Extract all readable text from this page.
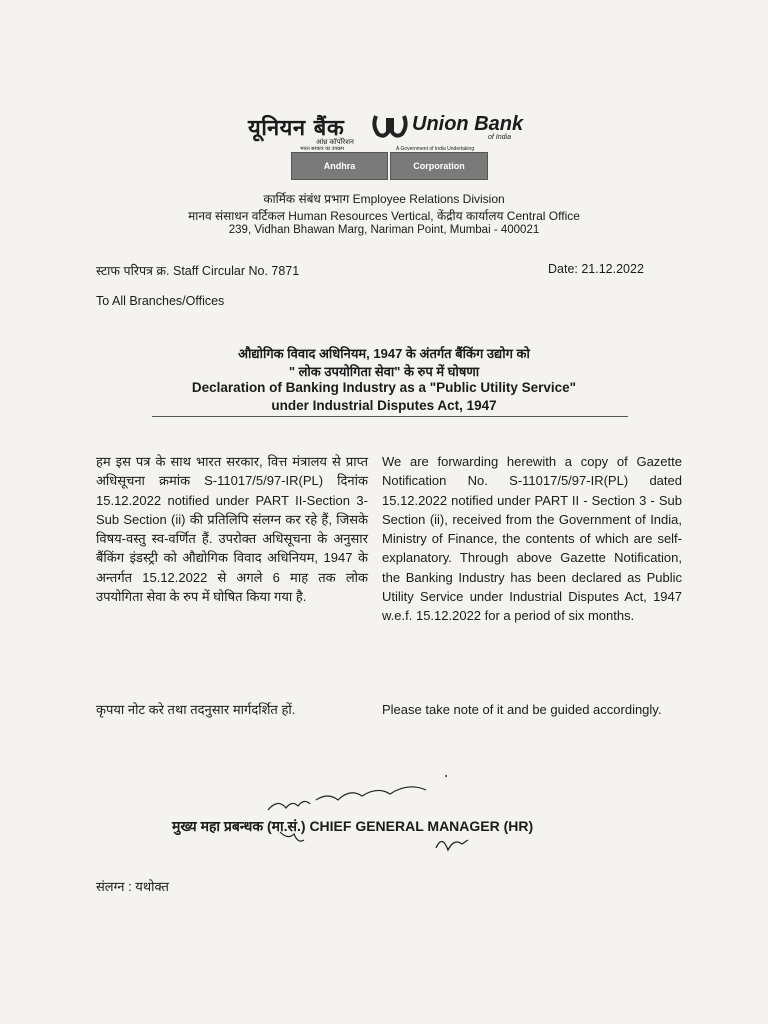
यूनियन बैंक
आंध्र कॉर्पोरेशन
Union Bank
of India
भारत सरकार का उपक्रम	A Government of India Undertaking
Andhra	Corporation
कार्मिक संबंध प्रभाग Employee Relations Division
मानव संसाधन वर्टिकल Human Resources Vertical, केंद्रीय कार्यालय Central Office
239, Vidhan Bhawan Marg, Nariman Point, Mumbai - 400021
स्टाफ परिपत्र क्र. Staff Circular No. 7871	Date: 21.12.2022
To All Branches/Offices
औद्योगिक विवाद अधिनियम, 1947 के अंतर्गत बैंकिंग उद्योग को
" लोक उपयोगिता सेवा" के रुप में घोषणा
Declaration of Banking Industry as a "Public Utility Service"
under Industrial Disputes Act, 1947
हम इस पत्र के साथ भारत सरकार, वित्त मंत्रालय से प्राप्त अधिसूचना क्रमांक S-11017/5/97-IR(PL) दिनांक 15.12.2022 notified under PART II-Section 3-Sub Section (ii) की प्रतिलिपि संलग्न कर रहे हैं, जिसके विषय-वस्तु स्व-वर्णित हैं. उपरोक्त अधिसूचना के अनुसार बैंकिंग इंडस्ट्री को औद्योगिक विवाद अधिनियम, 1947 के अन्तर्गत 15.12.2022 से अगले 6 माह तक लोक उपयोगिता सेवा के रुप में घोषित किया गया है.
We are forwarding herewith a copy of Gazette Notification No. S-11017/5/97-IR(PL) dated 15.12.2022 notified under PART II - Section 3 - Sub Section (ii), received from the Government of India, Ministry of Finance, the contents of which are self-explanatory. Through above Gazette Notification, the Banking Industry has been declared as Public Utility Service under Industrial Disputes Act, 1947 w.e.f. 15.12.2022 for a period of six months.
कृपया नोट करे तथा तदनुसार मार्गदर्शित हों.	Please take note of it and be guided accordingly.
मुख्य महा प्रबन्धक (मा.सं.) CHIEF GENERAL MANAGER (HR)
संलग्न : यथोक्त
